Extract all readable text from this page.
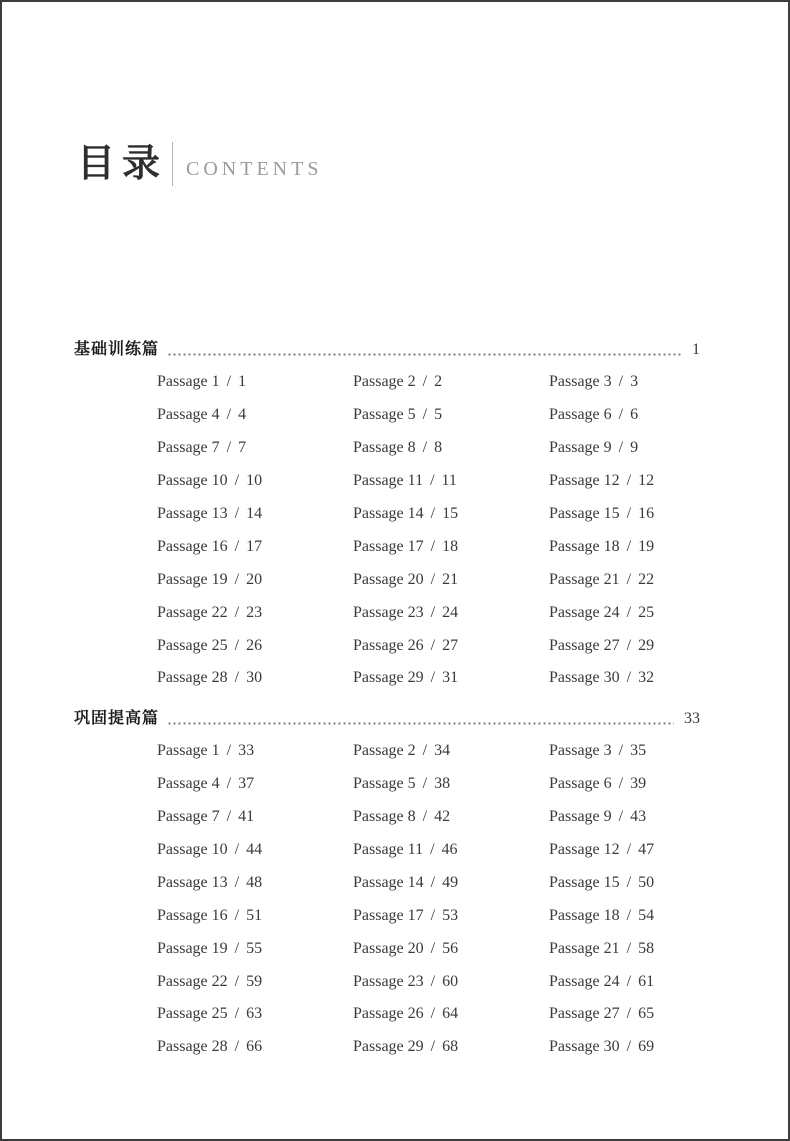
目录 CONTENTS
基础训练篇	1
Passage 1 / 1	Passage 2 / 2	Passage 3 / 3
Passage 4 / 4	Passage 5 / 5	Passage 6 / 6
Passage 7 / 7	Passage 8 / 8	Passage 9 / 9
Passage 10 / 10	Passage 11 / 11	Passage 12 / 12
Passage 13 / 14	Passage 14 / 15	Passage 15 / 16
Passage 16 / 17	Passage 17 / 18	Passage 18 / 19
Passage 19 / 20	Passage 20 / 21	Passage 21 / 22
Passage 22 / 23	Passage 23 / 24	Passage 24 / 25
Passage 25 / 26	Passage 26 / 27	Passage 27 / 29
Passage 28 / 30	Passage 29 / 31	Passage 30 / 32
巩固提高篇	33
Passage 1 / 33	Passage 2 / 34	Passage 3 / 35
Passage 4 / 37	Passage 5 / 38	Passage 6 / 39
Passage 7 / 41	Passage 8 / 42	Passage 9 / 43
Passage 10 / 44	Passage 11 / 46	Passage 12 / 47
Passage 13 / 48	Passage 14 / 49	Passage 15 / 50
Passage 16 / 51	Passage 17 / 53	Passage 18 / 54
Passage 19 / 55	Passage 20 / 56	Passage 21 / 58
Passage 22 / 59	Passage 23 / 60	Passage 24 / 61
Passage 25 / 63	Passage 26 / 64	Passage 27 / 65
Passage 28 / 66	Passage 29 / 68	Passage 30 / 69
